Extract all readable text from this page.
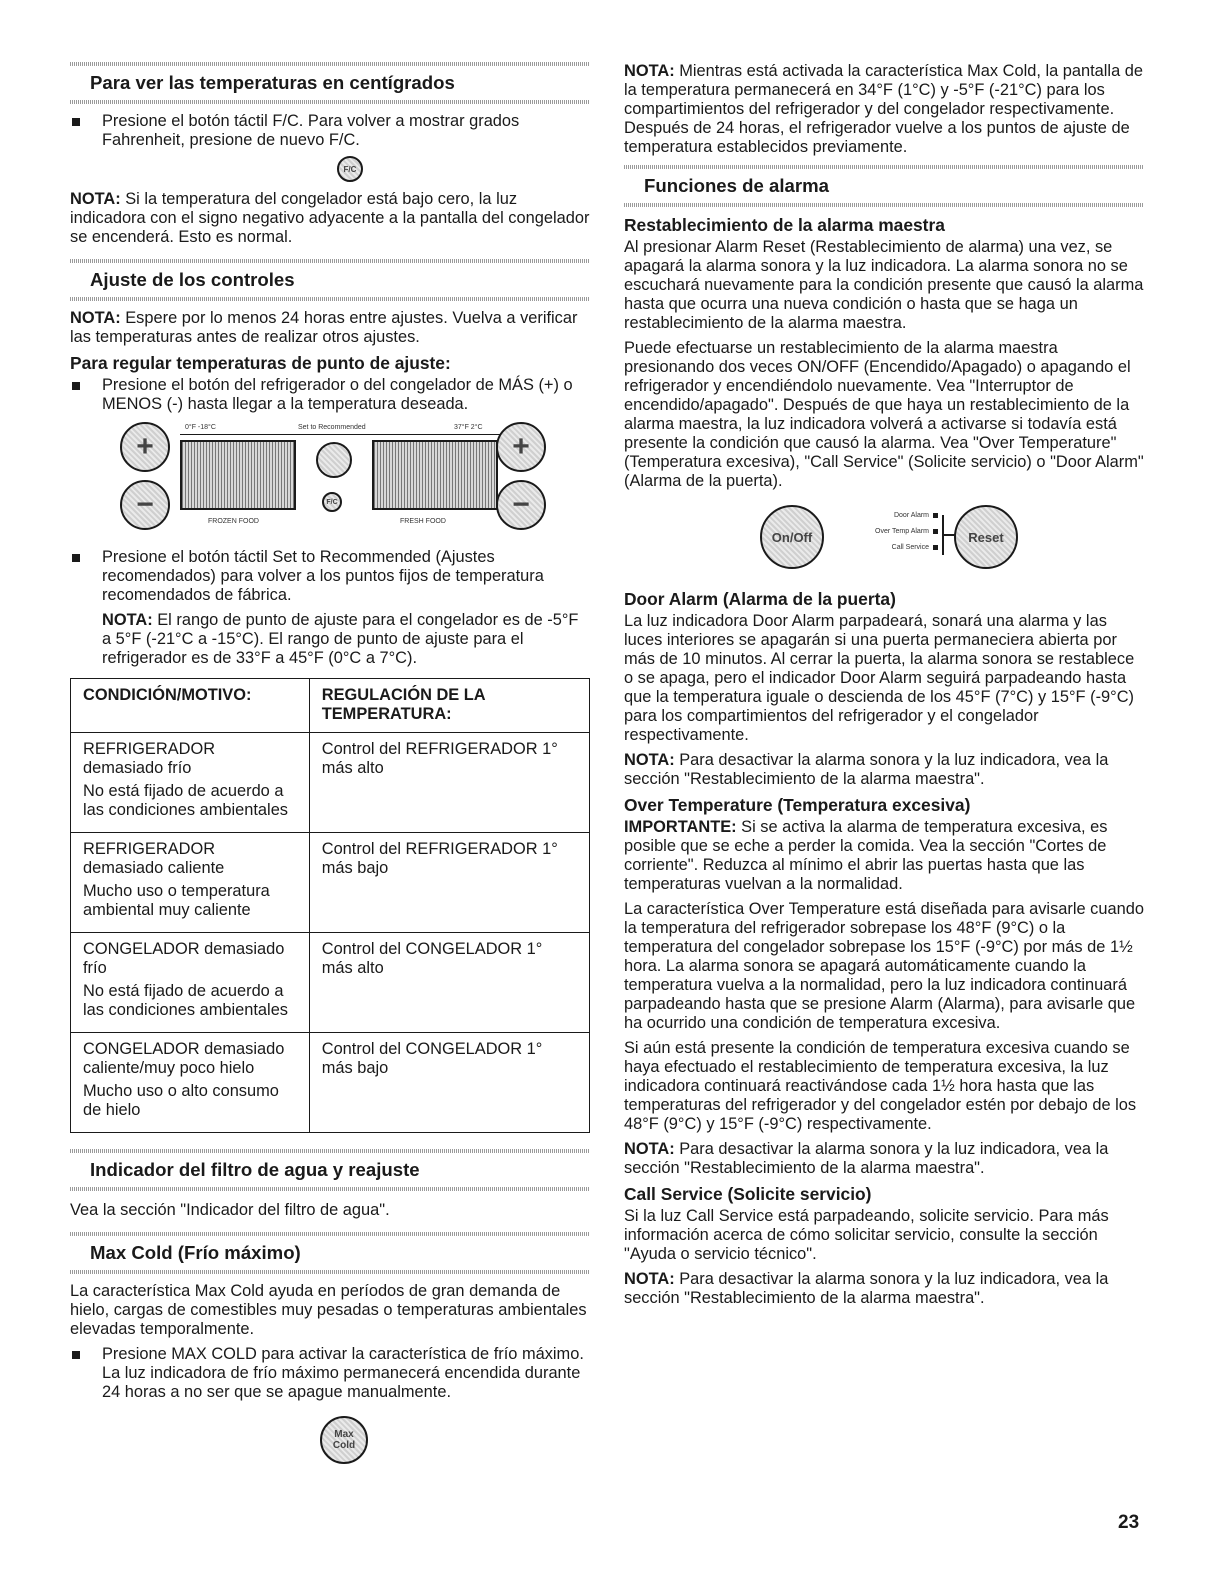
Para ver las temperaturas en centígrados

Presione el botón táctil F/C. Para volver a mostrar grados Fahrenheit, presione de nuevo F/C.

F/C

NOTA: Si la temperatura del congelador está bajo cero, la luz indicadora con el signo negativo adyacente a la pantalla del congelador se encenderá. Esto es normal.

Ajuste de los controles

NOTA: Espere por lo menos 24 horas entre ajustes. Vuelva a verificar las temperaturas antes de realizar otros ajustes.

Para regular temperaturas de punto de ajuste:

Presione el botón del refrigerador o del congelador de MÁS (+) o MENOS (-) hasta llegar a la temperatura deseada.

+
−
0°F -18°C	Set to Recommended	37°F 2°C
F/C
FROZEN FOOD	FRESH FOOD
+
−

Presione el botón táctil Set to Recommended (Ajustes recomendados) para volver a los puntos fijos de temperatura recomendados de fábrica.

NOTA: El rango de punto de ajuste para el congelador es de -5°F a 5°F (-21°C a -15°C). El rango de punto de ajuste para el refrigerador es de 33°F a 45°F (0°C a 7°C).

CONDICIÓN/MOTIVO:	REGULACIÓN DE LA TEMPERATURA:

REFRIGERADOR demasiado frío

No está fijado de acuerdo a las condiciones ambientales	Control del REFRIGERADOR 1° más alto

REFRIGERADOR demasiado caliente

Mucho uso o temperatura ambiental muy caliente	Control del REFRIGERADOR 1° más bajo

CONGELADOR demasiado frío

No está fijado de acuerdo a las condiciones ambientales	Control del CONGELADOR 1° más alto

CONGELADOR demasiado caliente/muy poco hielo

Mucho uso o alto consumo de hielo	Control del CONGELADOR 1° más bajo
Indicador del filtro de agua y reajuste

Vea la sección "Indicador del filtro de agua".

Max Cold (Frío máximo)

La característica Max Cold ayuda en períodos de gran demanda de hielo, cargas de comestibles muy pesadas o temperaturas ambientales elevadas temporalmente.

Presione MAX COLD para activar la característica de frío máximo. La luz indicadora de frío máximo permanecerá encendida durante 24 horas a no ser que se apague manualmente.

Max Cold

NOTA: Mientras está activada la característica Max Cold, la pantalla de la temperatura permanecerá en 34°F (1°C) y -5°F (-21°C) para los compartimientos del refrigerador y del congelador respectivamente. Después de 24 horas, el refrigerador vuelve a los puntos de ajuste de temperatura establecidos previamente.

Funciones de alarma
Restablecimiento de la alarma maestra

Al presionar Alarm Reset (Restablecimiento de alarma) una vez, se apagará la alarma sonora y la luz indicadora. La alarma sonora no se escuchará nuevamente para la condición presente que causó la alarma hasta que ocurra una nueva condición o hasta que se haga un restablecimiento de la alarma maestra.

Puede efectuarse un restablecimiento de la alarma maestra presionando dos veces ON/OFF (Encendido/Apagado) o apagando el refrigerador y encendiéndolo nuevamente. Vea "Interruptor de encendido/apagado". Después de que haya un restablecimiento de la alarma maestra, la luz indicadora volverá a activarse si todavía está presente la condición que causó la alarma. Vea "Over Temperature" (Temperatura excesiva), "Call Service" (Solicite servicio) o "Door Alarm" (Alarma de la puerta).

On/Off
Door Alarm
Over Temp Alarm
Call Service
Reset
Door Alarm (Alarma de la puerta)

La luz indicadora Door Alarm parpadeará, sonará una alarma y las luces interiores se apagarán si una puerta permaneciera abierta por más de 10 minutos. Al cerrar la puerta, la alarma sonora se restablece o se apaga, pero el indicador Door Alarm seguirá parpadeando hasta que la temperatura iguale o descienda de los 45°F (7°C) y 15°F (-9°C) para los compartimientos del refrigerador y el congelador respectivamente.

NOTA: Para desactivar la alarma sonora y la luz indicadora, vea la sección "Restablecimiento de la alarma maestra".

Over Temperature (Temperatura excesiva)

IMPORTANTE: Si se activa la alarma de temperatura excesiva, es posible que se eche a perder la comida. Vea la sección "Cortes de corriente". Reduzca al mínimo el abrir las puertas hasta que las temperaturas vuelvan a la normalidad.

La característica Over Temperature está diseñada para avisarle cuando la temperatura del refrigerador sobrepase los 48°F (9°C) o la temperatura del congelador sobrepase los 15°F (-9°C) por más de 1½ hora. La alarma sonora se apagará automáticamente cuando la temperatura vuelva a la normalidad, pero la luz indicadora continuará parpadeando hasta que se presione Alarm (Alarma), para avisarle que ha ocurrido una condición de temperatura excesiva.

Si aún está presente la condición de temperatura excesiva cuando se haya efectuado el restablecimiento de temperatura excesiva, la luz indicadora continuará reactivándose cada 1½ hora hasta que las temperaturas del refrigerador y del congelador estén por debajo de los 48°F (9°C) y 15°F (-9°C) respectivamente.

NOTA: Para desactivar la alarma sonora y la luz indicadora, vea la sección "Restablecimiento de la alarma maestra".

Call Service (Solicite servicio)

Si la luz Call Service está parpadeando, solicite servicio. Para más información acerca de cómo solicitar servicio, consulte la sección "Ayuda o servicio técnico".

NOTA: Para desactivar la alarma sonora y la luz indicadora, vea la sección "Restablecimiento de la alarma maestra".

23
